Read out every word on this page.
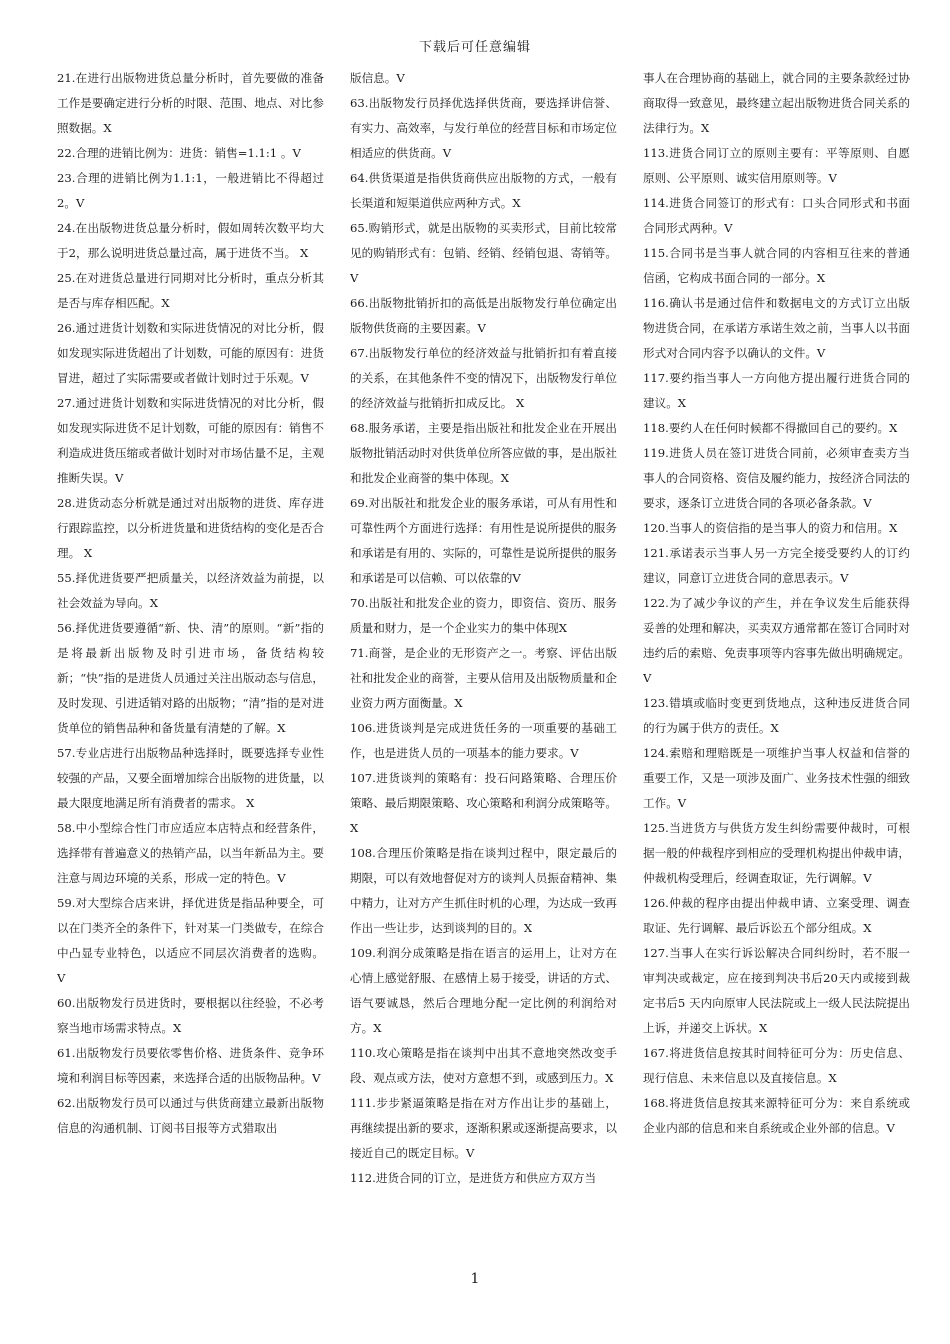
下载后可任意编辑

21.在进行出版物进货总量分析时，首先要做的准备工作是要确定进行分析的时限、范围、地点、对比参照数据。X

22.合理的进销比例为：进货：销售=1.1:1 。V

23.合理的进销比例为1.1:1，一般进销比不得超过2。V

24.在出版物进货总量分析时，假如周转次数平均大于2，那么说明进货总量过高，属于进货不当。 X

25.在对进货总量进行同期对比分析时，重点分析其是否与库存相匹配。X

26.通过进货计划数和实际进货情况的对比分析，假如发现实际进货超出了计划数，可能的原因有：进货冒进，超过了实际需要或者做计划时过于乐观。V

27.通过进货计划数和实际进货情况的对比分析，假如发现实际进货不足计划数，可能的原因有：销售不利造成进货压缩或者做计划时对市场估量不足，主观推断失误。V

28.进货动态分析就是通过对出版物的进货、库存进行跟踪监控，以分析进货量和进货结构的变化是否合理。 X

55.择优进货要严把质量关，以经济效益为前提，以社会效益为导向。X

56.择优进货要遵循“新、快、清”的原则。“新”指的是将最新出版物及时引进市场，备货结构较新；“快”指的是进货人员通过关注出版动态与信息，及时发现、引进适销对路的出版物；“清”指的是对进货单位的销售品种和备货量有清楚的了解。X

57.专业店进行出版物品种选择时，既要选择专业性较强的产品，又要全面增加综合出版物的进货量，以最大限度地满足所有消费者的需求。 X

58.中小型综合性门市应适应本店特点和经营条件，选择带有普遍意义的热销产品，以当年新品为主。要注意与周边环境的关系，形成一定的特色。V

59.对大型综合店来讲，择优进货是指品种要全，可以在门类齐全的条件下，针对某一门类做专，在综合中凸显专业特色，以适应不同层次消费者的选购。 V

60.出版物发行员进货时，要根据以往经验，不必考察当地市场需求特点。X

61.出版物发行员要依零售价格、进货条件、竞争环境和利润目标等因素，来选择合适的出版物品种。V

62.出版物发行员可以通过与供货商建立最新出版物信息的沟通机制、订阅书目报等方式猎取出

版信息。V

63.出版物发行员择优选择供货商，要选择讲信誉、有实力、高效率，与发行单位的经营目标和市场定位相适应的供货商。V

64.供货渠道是指供货商供应出版物的方式，一般有长渠道和短渠道供应两种方式。X

65.购销形式，就是出版物的买卖形式，目前比较常见的购销形式有：包销、经销、经销包退、寄销等。V

66.出版物批销折扣的高低是出版物发行单位确定出版物供货商的主要因素。V

67.出版物发行单位的经济效益与批销折扣有着直接的关系，在其他条件不变的情况下，出版物发行单位的经济效益与批销折扣成反比。 X

68.服务承诺，主要是指出版社和批发企业在开展出版物批销活动时对供货单位所答应做的事，是出版社和批发企业商誉的集中体现。X

69.对出版社和批发企业的服务承诺，可从有用性和可靠性两个方面进行选择：有用性是说所提供的服务和承诺是有用的、实际的，可靠性是说所提供的服务和承诺是可以信赖、可以依靠的V

70.出版社和批发企业的资力，即资信、资历、服务质量和财力，是一个企业实力的集中体现X

71.商誉，是企业的无形资产之一。考察、评估出版社和批发企业的商誉，主要从信用及出版物质量和企业资力两方面衡量。X

106.进货谈判是完成进货任务的一项重要的基础工作，也是进货人员的一项基本的能力要求。V

107.进货谈判的策略有：投石问路策略、合理压价策略、最后期限策略、攻心策略和利润分成策略等。X

108.合理压价策略是指在谈判过程中，限定最后的期限，可以有效地督促对方的谈判人员振奋精神、集中精力，让对方产生抓住时机的心理，为达成一致再作出一些让步，达到谈判的目的。X

109.利润分成策略是指在语言的运用上，让对方在心情上感觉舒服、在感情上易于接受，讲话的方式、语气要诚恳，然后合理地分配一定比例的利润给对方。X

110.攻心策略是指在谈判中出其不意地突然改变手段、观点或方法，使对方意想不到，或感到压力。X

111.步步紧逼策略是指在对方作出让步的基础上，再继续提出新的要求，逐渐积累或逐渐提高要求，以接近自己的既定目标。V

112.进货合同的订立，是进货方和供应方双方当

事人在合理协商的基础上，就合同的主要条款经过协商取得一致意见，最终建立起出版物进货合同关系的法律行为。X

113.进货合同订立的原则主要有：平等原则、自愿原则、公平原则、诚实信用原则等。V

114.进货合同签订的形式有：口头合同形式和书面合同形式两种。V

115.合同书是当事人就合同的内容相互往来的普通信函，它构成书面合同的一部分。X

116.确认书是通过信件和数据电文的方式订立出版物进货合同，在承诺方承诺生效之前，当事人以书面形式对合同内容予以确认的文件。V

117.要约指当事人一方向他方提出履行进货合同的建议。X

118.要约人在任何时候都不得撤回自己的要约。X

119.进货人员在签订进货合同前，必须审查卖方当事人的合同资格、资信及履约能力，按经济合同法的要求，逐条订立进货合同的各项必备条款。V

120.当事人的资信指的是当事人的资力和信用。X

121.承诺表示当事人另一方完全接受要约人的订约建议，同意订立进货合同的意思表示。V

122.为了减少争议的产生，并在争议发生后能获得妥善的处理和解决，买卖双方通常都在签订合同时对违约后的索赔、免责事项等内容事先做出明确规定。V

123.错填或临时变更到货地点，这种违反进货合同的行为属于供方的责任。X

124.索赔和理赔既是一项维护当事人权益和信誉的重要工作，又是一项涉及面广、业务技术性强的细致工作。V

125.当进货方与供货方发生纠纷需要仲裁时，可根据一般的仲裁程序到相应的受理机构提出仲裁申请，仲裁机构受理后，经调查取证，先行调解。V

126.仲裁的程序由提出仲裁申请、立案受理、调查取证、先行调解、最后诉讼五个部分组成。X

127.当事人在实行诉讼解决合同纠纷时，若不服一审判决或裁定，应在接到判决书后20天内或接到裁定书后5 天内向原审人民法院或上一级人民法院提出上诉，并递交上诉状。X

167.将进货信息按其时间特征可分为：历史信息、现行信息、未来信息以及直接信息。X

168.将进货信息按其来源特征可分为：来自系统或企业内部的信息和来自系统或企业外部的信息。V

1
